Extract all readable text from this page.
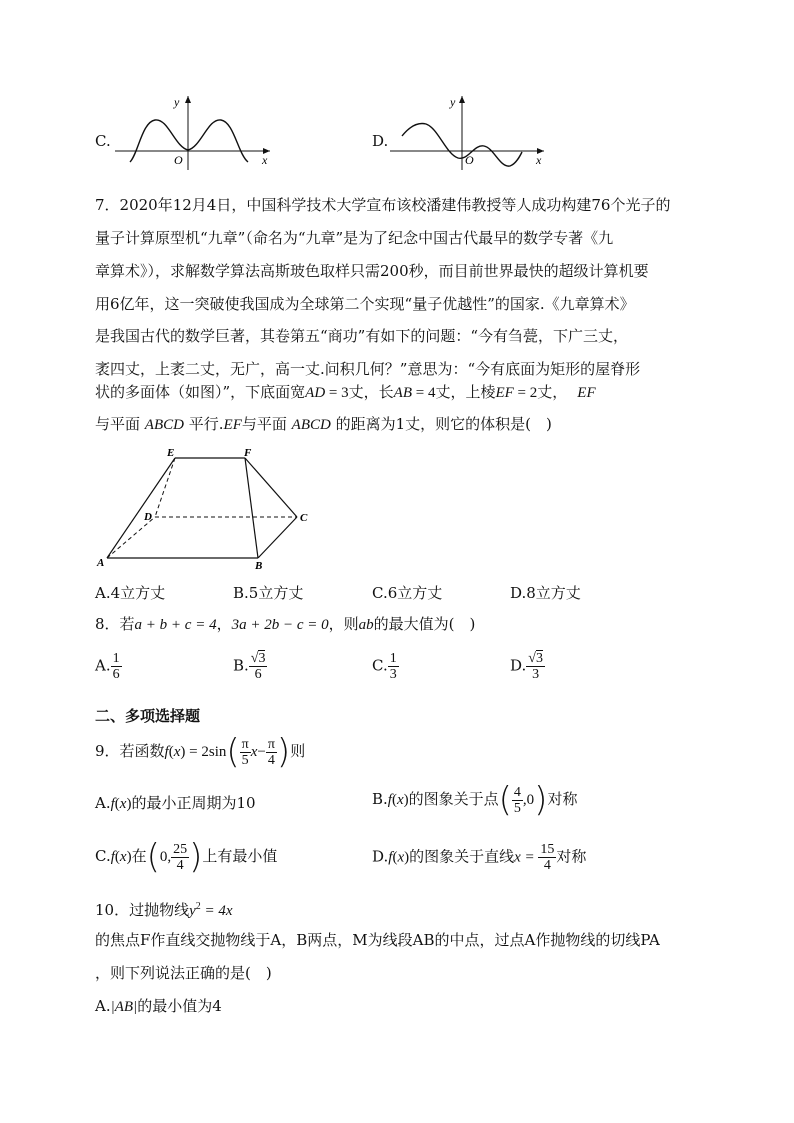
C.
y
x
O
D.
y
x
O
7．2020年12月4日，中国科学技术大学宣布该校潘建伟教授等人成功构建76个光子的
量子计算原型机“九章”（命名为“九章”是为了纪念中国古代最早的数学专著《九
章算术》），求解数学算法高斯玻色取样只需200秒，而目前世界最快的超级计算机要
用6亿年，这一突破使我国成为全球第二个实现“量子优越性”的国家.《九章算术》
是我国古代的数学巨著，其卷第五“商功”有如下的问题：“今有刍甍，下广三丈，
袤四丈，上袤二丈，无广，高一丈.问积几何？”意思为：“今有底面为矩形的屋脊形
状的多面体（如图）”，下底面宽AD = 3丈，长AB = 4丈，上棱EF = 2丈， EF
与平面 ABCD 平行.EF与平面 ABCD 的距离为1丈，则它的体积是(　)
E	F
D	C
A	B
A.4立方丈	B.5立方丈	C.6立方丈	D.8立方丈
8．若a + b + c = 4，3a + 2b − c = 0，则ab的最大值为(　)
A. $\frac{1}{6}$	B. $\frac{√3}{6}$	C. $\frac{1}{3}$	D. $\frac{√3}{3}$
二、多项选择题
9．若函数$f(x) = 2\sin( \frac{\pi}{5} x- \frac{\pi}{4}$ )则
A.f(x)的最小正周期为10	B.f(x)的图象关于点( $\frac{4}{5} ,0$)对称
C.f(x)在(0, $\frac{25}{4}$ )上有最小值	D.f(x)的图象关于直线$x = \frac{15}{4}$ 对称
10．过抛物线$y^2 = 4x$
的焦点F作直线交抛物线于A，B两点，M为线段AB的中点，过点A作抛物线的切线PA
，则下列说法正确的是(　)
A.|AB|的最小值为4
